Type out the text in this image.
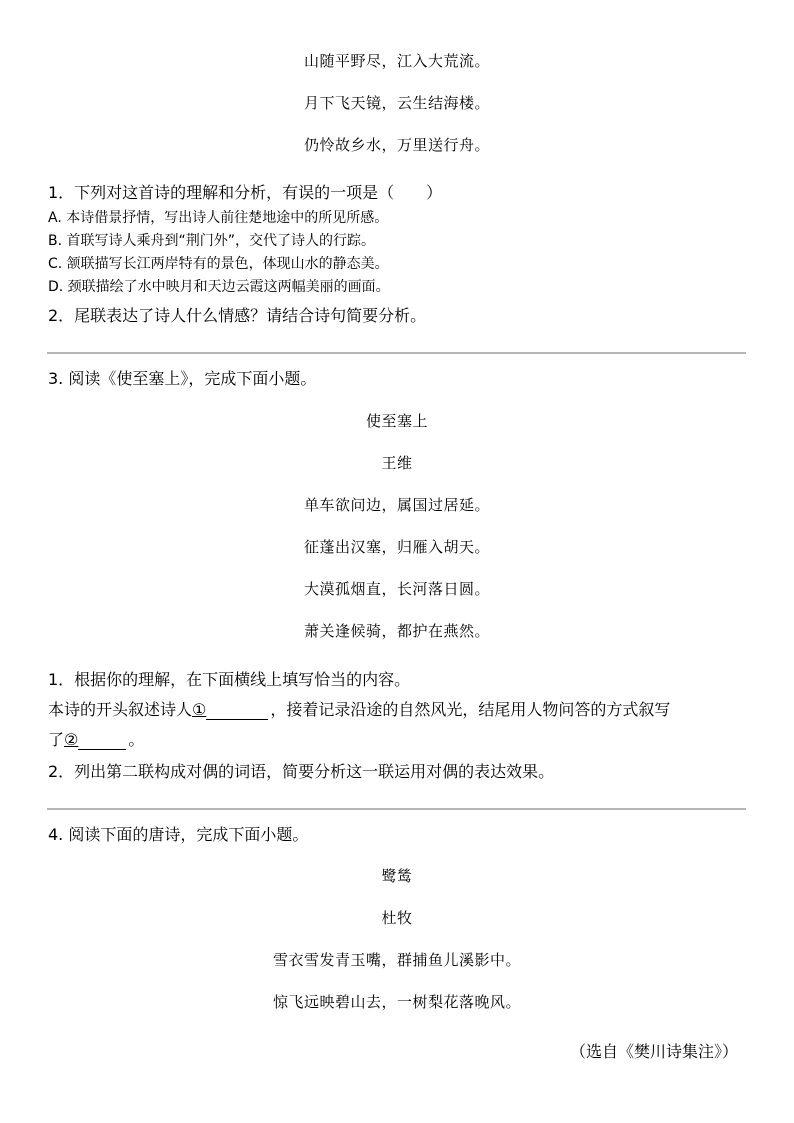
山随平野尽，江入大荒流。
月下飞天镜，云生结海楼。
仍怜故乡水，万里送行舟。
1．下列对这首诗的理解和分析，有误的一项是（　　）
A. 本诗借景抒情，写出诗人前往楚地途中的所见所感。
B. 首联写诗人乘舟到“荆门外”，交代了诗人的行踪。
C. 颔联描写长江两岸特有的景色，体现山水的静态美。
D. 颈联描绘了水中映月和天边云霞这两幅美丽的画面。
2．尾联表达了诗人什么情感？请结合诗句简要分析。
3. 阅读《使至塞上》，完成下面小题。
使至塞上
王维
单车欲问边，属国过居延。
征蓬出汉塞，归雁入胡天。
大漠孤烟直，长河落日圆。
萧关逢候骑，都护在燕然。
1．根据你的理解，在下面横线上填写恰当的内容。
本诗的开头叙述诗人①	，接着记录沿途的自然风光，结尾用人物问答的方式叙写
了②	。
2．列出第二联构成对偶的词语，简要分析这一联运用对偶的表达效果。
4. 阅读下面的唐诗，完成下面小题。
鹭鸶
杜牧
雪衣雪发青玉嘴，群捕鱼儿溪影中。
惊飞远映碧山去，一树梨花落晚风。
（选自《樊川诗集注》）
